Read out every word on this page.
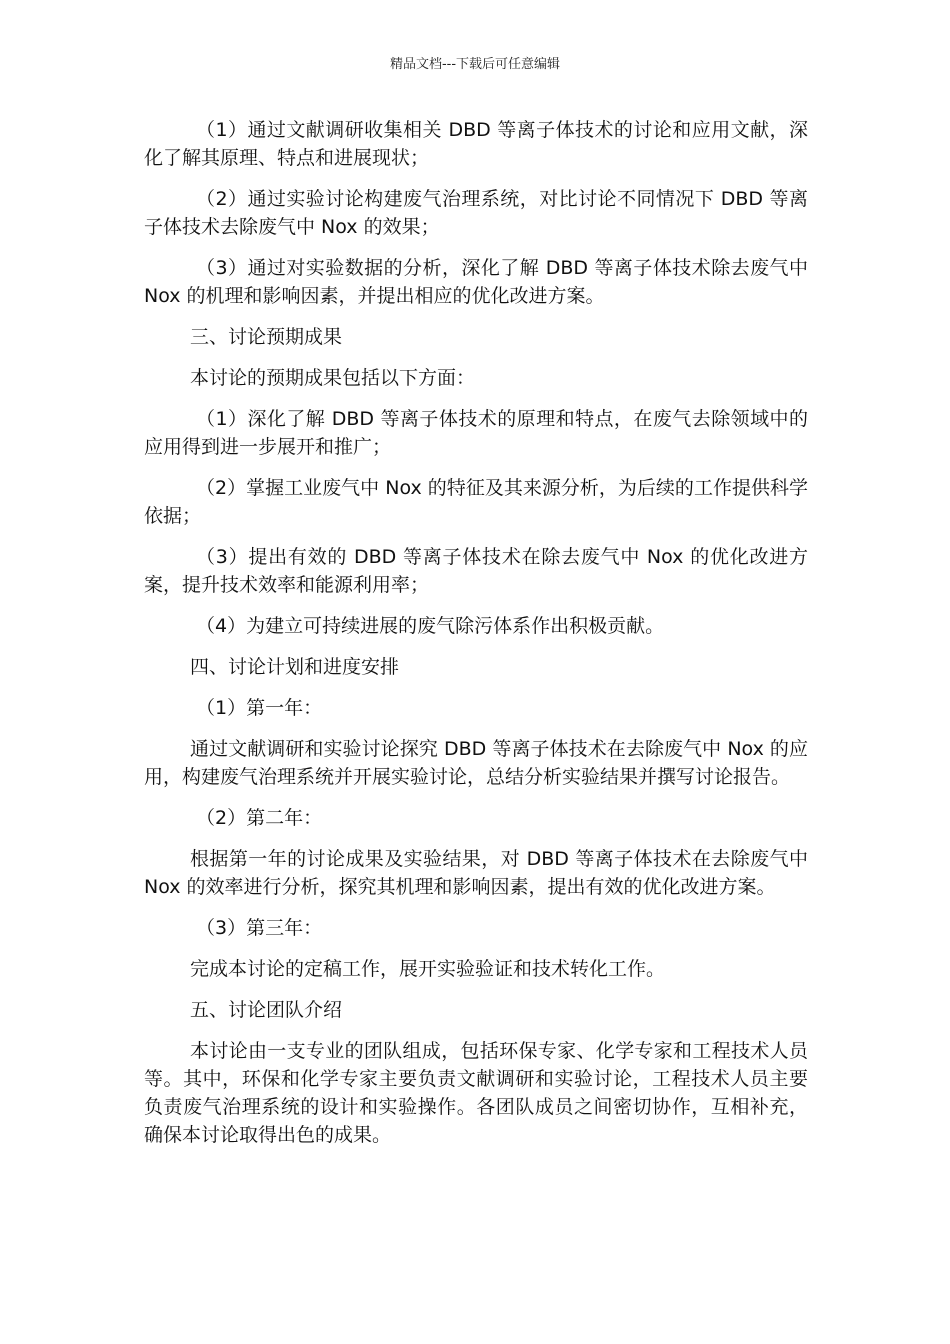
精品文档---下载后可任意编辑

（1）通过文献调研收集相关 DBD 等离子体技术的讨论和应用文献，深化了解其原理、特点和进展现状；

（2）通过实验讨论构建废气治理系统，对比讨论不同情况下 DBD 等离子体技术去除废气中 Nox 的效果；

（3）通过对实验数据的分析，深化了解 DBD 等离子体技术除去废气中 Nox 的机理和影响因素，并提出相应的优化改进方案。

三、讨论预期成果

本讨论的预期成果包括以下方面：

（1）深化了解 DBD 等离子体技术的原理和特点，在废气去除领域中的应用得到进一步展开和推广；

（2）掌握工业废气中 Nox 的特征及其来源分析，为后续的工作提供科学依据；

（3）提出有效的 DBD 等离子体技术在除去废气中 Nox 的优化改进方案，提升技术效率和能源利用率；

（4）为建立可持续进展的废气除污体系作出积极贡献。

四、讨论计划和进度安排

（1）第一年：

通过文献调研和实验讨论探究 DBD 等离子体技术在去除废气中 Nox 的应用，构建废气治理系统并开展实验讨论，总结分析实验结果并撰写讨论报告。

（2）第二年：

根据第一年的讨论成果及实验结果，对 DBD 等离子体技术在去除废气中 Nox 的效率进行分析，探究其机理和影响因素，提出有效的优化改进方案。

（3）第三年：

完成本讨论的定稿工作，展开实验验证和技术转化工作。

五、讨论团队介绍

本讨论由一支专业的团队组成，包括环保专家、化学专家和工程技术人员等。其中，环保和化学专家主要负责文献调研和实验讨论，工程技术人员主要负责废气治理系统的设计和实验操作。各团队成员之间密切协作，互相补充，确保本讨论取得出色的成果。
